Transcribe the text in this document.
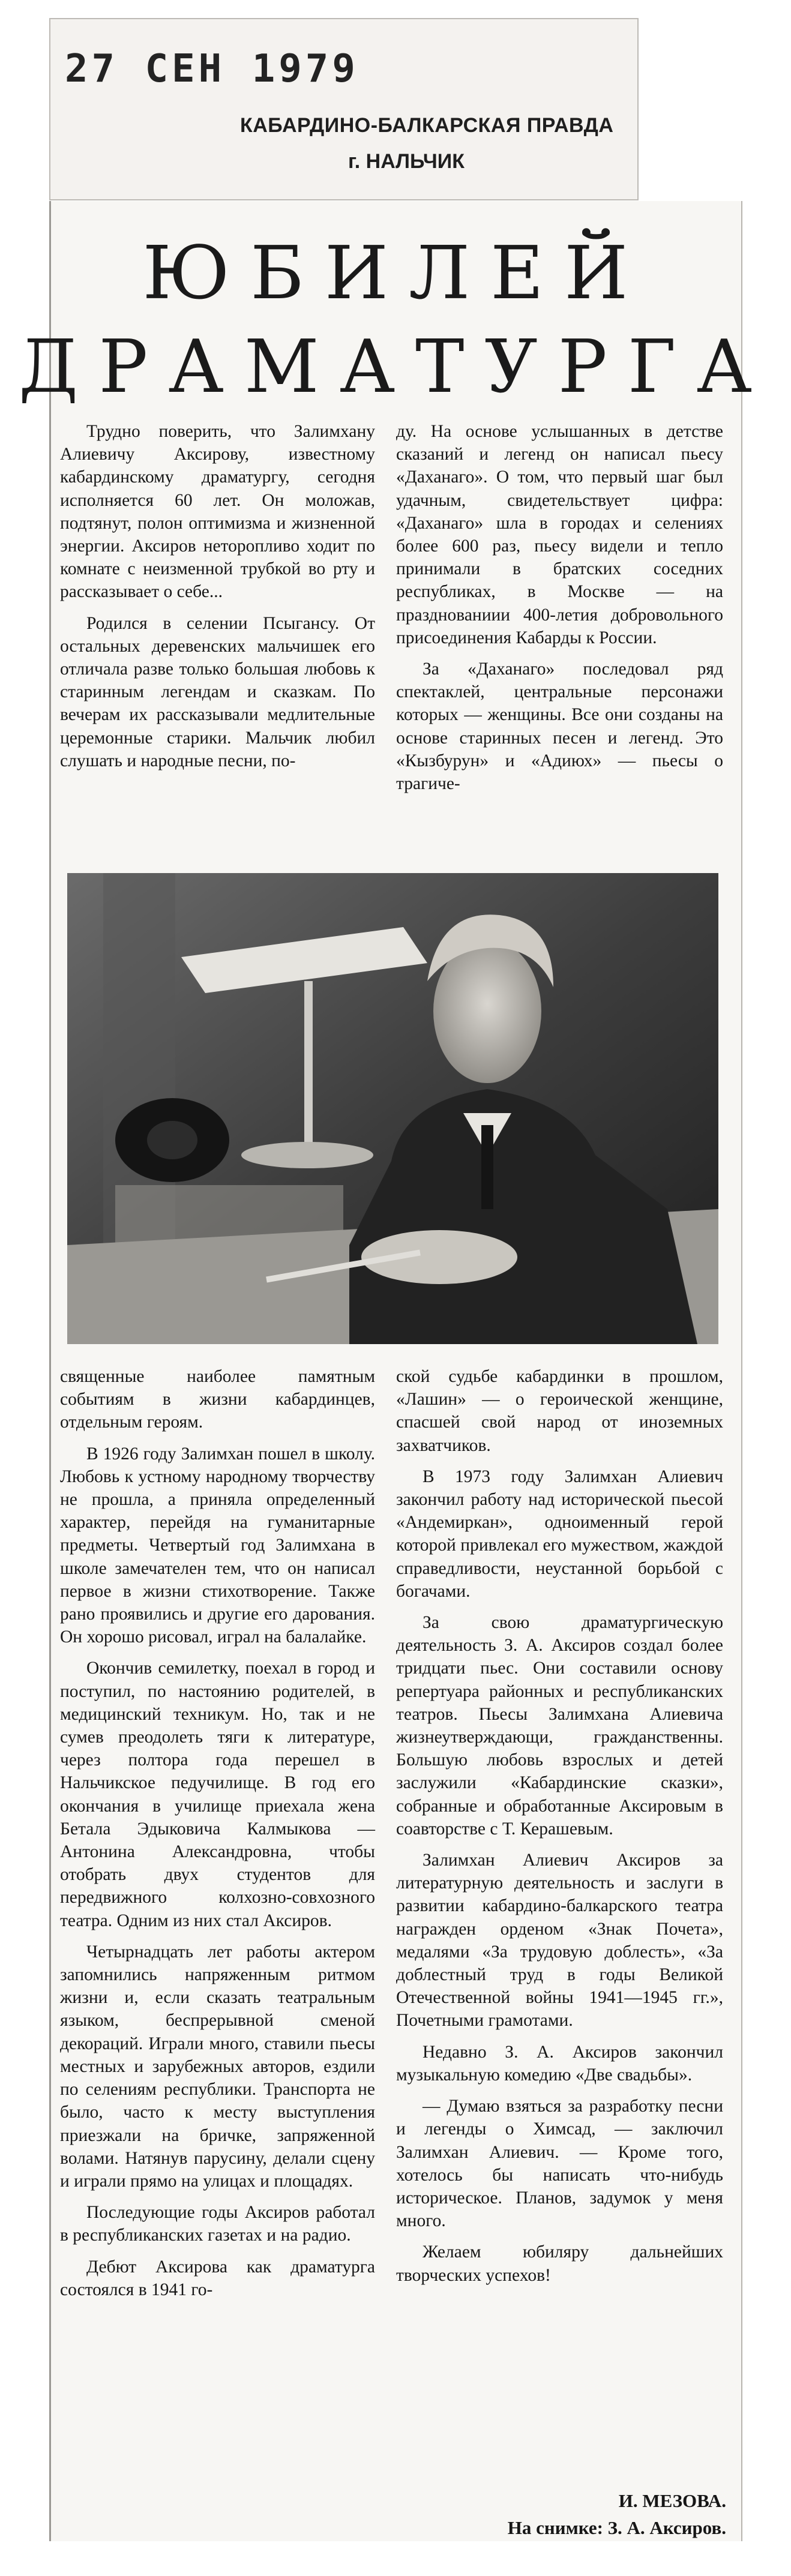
27 СЕН 1979
КАБАРДИНО-БАЛКАРСКАЯ ПРАВДА
г. НАЛЬЧИК
ЮБИЛЕЙ
ДРАМАТУРГА

Трудно поверить, что Залимхану Алиевичу Аксирову, известному кабардинскому драматургу, сегодня исполняется 60 лет. Он моложав, подтянут, полон оптимизма и жизненной энергии. Аксиров неторопливо ходит по комнате с неизменной трубкой во рту и рассказывает о себе...

Родился в селении Псыгансу. От остальных деревенских мальчишек его отличала разве только большая любовь к старинным легендам и сказкам. По вечерам их рассказывали медлительные церемонные старики. Мальчик любил слушать и народные песни, по-

ду. На основе услышанных в детстве сказаний и легенд он написал пьесу «Даханаго». О том, что первый шаг был удачным, свидетельствует цифра: «Даханаго» шла в городах и селениях более 600 раз, пьесу видели и тепло принимали в братских соседних республиках, в Москве — на празднованиии 400-летия добровольного присоединения Кабарды к России.

За «Даханаго» последовал ряд спектаклей, центральные персонажи которых — женщины. Все они созданы на основе старинных песен и легенд. Это «Кызбурун» и «Адиюх» — пьесы о трагиче-

священные наиболее памятным событиям в жизни кабардинцев, отдельным героям.

В 1926 году Залимхан пошел в школу. Любовь к устному народному творчеству не прошла, а приняла определенный характер, перейдя на гуманитарные предметы. Четвертый год Залимхана в школе замечателен тем, что он написал первое в жизни стихотворение. Также рано проявились и другие его дарования. Он хорошо рисовал, играл на балалайке.

Окончив семилетку, поехал в город и поступил, по настоянию родителей, в медицинский техникум. Но, так и не сумев преодолеть тяги к литературе, через полтора года перешел в Нальчикское педучилище. В год его окончания в училище приехала жена Бетала Эдыковича Калмыкова — Антонина Александровна, чтобы отобрать двух студентов для передвижного колхозно-совхозного театра. Одним из них стал Аксиров.

Четырнадцать лет работы актером запомнились напряженным ритмом жизни и, если сказать театральным языком, беспрерывной сменой декораций. Играли много, ставили пьесы местных и зарубежных авторов, ездили по селениям республики. Транспорта не было, часто к месту выступления приезжали на бричке, запряженной волами. Натянув парусину, делали сцену и играли прямо на улицах и площадях.

Последующие годы Аксиров работал в республиканских газетах и на радио.

Дебют Аксирова как драматурга состоялся в 1941 го-

ской судьбе кабардинки в прошлом, «Лашин» — о героической женщине, спасшей свой народ от иноземных захватчиков.

В 1973 году Залимхан Алиевич закончил работу над исторической пьесой «Андемиркан», одноименный герой которой привлекал его мужеством, жаждой справедливости, неустанной борьбой с богачами.

За свою драматургическую деятельность З. А. Аксиров создал более тридцати пьес. Они составили основу репертуара районных и республиканских театров. Пьесы Залимхана Алиевича жизнеутверждающи, гражданственны. Большую любовь взрослых и детей заслужили «Кабардинские сказки», собранные и обработанные Аксировым в соавторстве с Т. Керашевым.

Залимхан Алиевич Аксиров за литературную деятельность и заслуги в развитии кабардино-балкарского театра награжден орденом «Знак Почета», медалями «За трудовую доблесть», «За доблестный труд в годы Великой Отечественной войны 1941—1945 гг.», Почетными грамотами.

Недавно З. А. Аксиров закончил музыкальную комедию «Две свадьбы».

— Думаю взяться за разработку песни и легенды о Химсад, — заключил Залимхан Алиевич. — Кроме того, хотелось бы написать что-нибудь историческое. Планов, задумок у меня много.

Желаем юбиляру дальнейших творческих успехов!

И. МЕЗОВА.
На снимке: З. А. Аксиров.
